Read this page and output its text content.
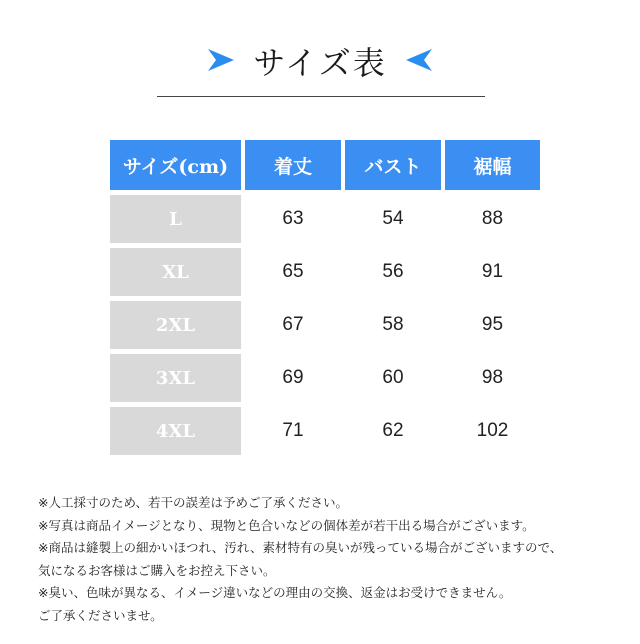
サイズ表
サイズ(cm)	着丈	バスト	裾幅
L	63	54	88
XL	65	56	91
2XL	67	58	95
3XL	69	60	98
4XL	71	62	102
※人工採寸のため、若干の誤差は予めご了承ください。
※写真は商品イメージとなり、現物と色合いなどの個体差が若干出る場合がございます。
※商品は縫製上の細かいほつれ、汚れ、素材特有の臭いが残っている場合がございますので、
気になるお客様はご購入をお控え下さい。
※臭い、色味が異なる、イメージ違いなどの理由の交換、返金はお受けできません。
ご了承くださいませ。
